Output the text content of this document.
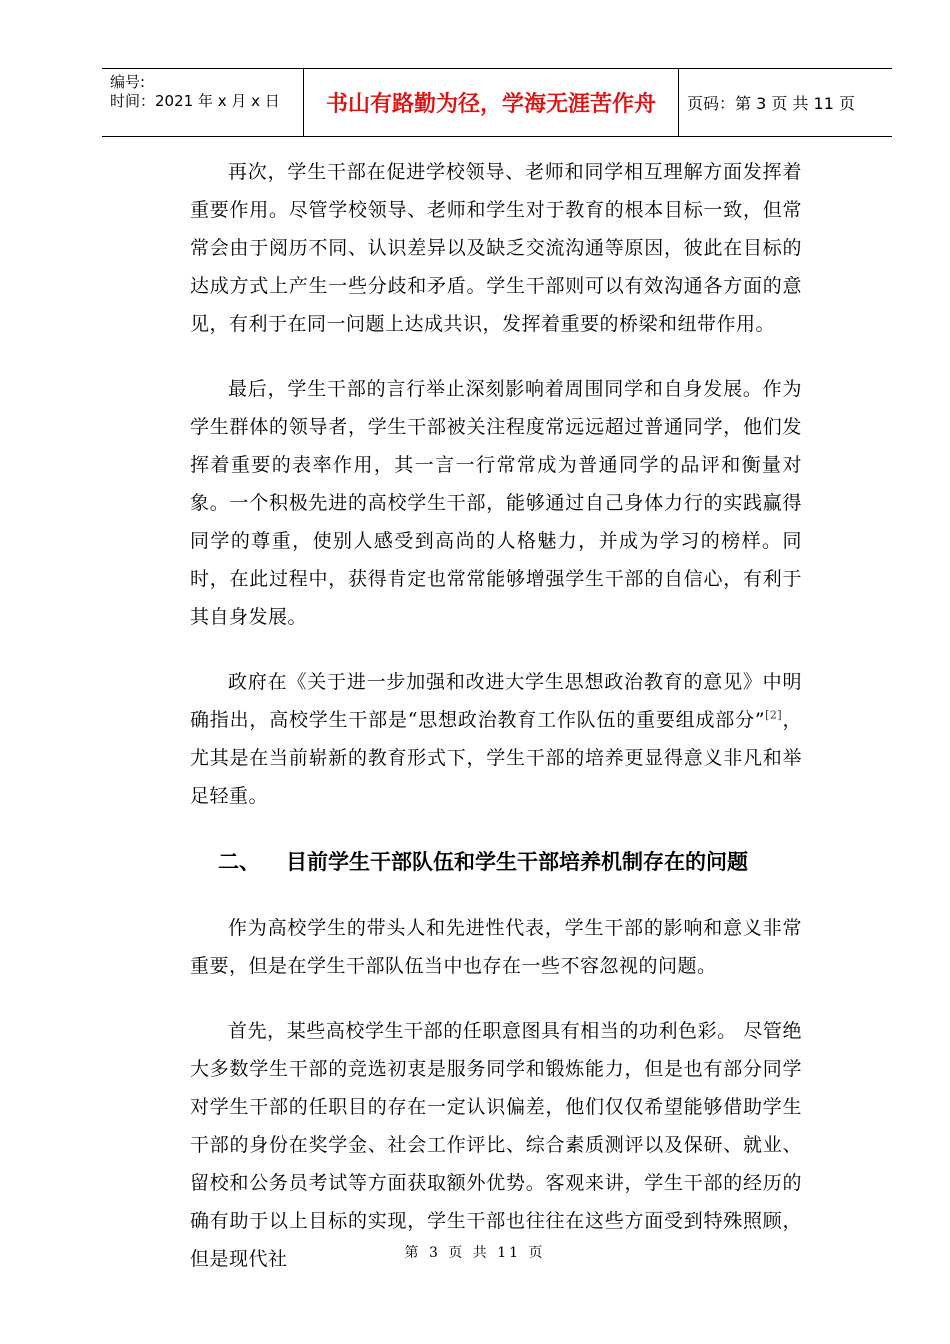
编号:
时间：2021 年 x 月 x 日	书山有路勤为径，学海无涯苦作舟	页码：第 3 页 共 11 页

再次，学生干部在促进学校领导、老师和同学相互理解方面发挥着重要作用。尽管学校领导、老师和学生对于教育的根本目标一致，但常常会由于阅历不同、认识差异以及缺乏交流沟通等原因，彼此在目标的达成方式上产生一些分歧和矛盾。学生干部则可以有效沟通各方面的意见，有利于在同一问题上达成共识，发挥着重要的桥梁和纽带作用。

最后，学生干部的言行举止深刻影响着周围同学和自身发展。作为学生群体的领导者，学生干部被关注程度常远远超过普通同学，他们发挥着重要的表率作用，其一言一行常常成为普通同学的品评和衡量对象。一个积极先进的高校学生干部，能够通过自己身体力行的实践赢得同学的尊重，使别人感受到高尚的人格魅力，并成为学习的榜样。同时，在此过程中，获得肯定也常常能够增强学生干部的自信心，有利于其自身发展。

政府在《关于进一步加强和改进大学生思想政治教育的意见》中明确指出，高校学生干部是“思想政治教育工作队伍的重要组成部分”[2]，尤其是在当前崭新的教育形式下，学生干部的培养更显得意义非凡和举足轻重。

二、 目前学生干部队伍和学生干部培养机制存在的问题

作为高校学生的带头人和先进性代表，学生干部的影响和意义非常重要，但是在学生干部队伍当中也存在一些不容忽视的问题。

首先，某些高校学生干部的任职意图具有相当的功利色彩。 尽管绝大多数学生干部的竞选初衷是服务同学和锻炼能力，但是也有部分同学对学生干部的任职目的存在一定认识偏差，他们仅仅希望能够借助学生干部的身份在奖学金、社会工作评比、综合素质测评以及保研、就业、留校和公务员考试等方面获取额外优势。客观来讲，学生干部的经历的确有助于以上目标的实现，学生干部也往往在这些方面受到特殊照顾，但是现代社	第 3 页 共 11 页
